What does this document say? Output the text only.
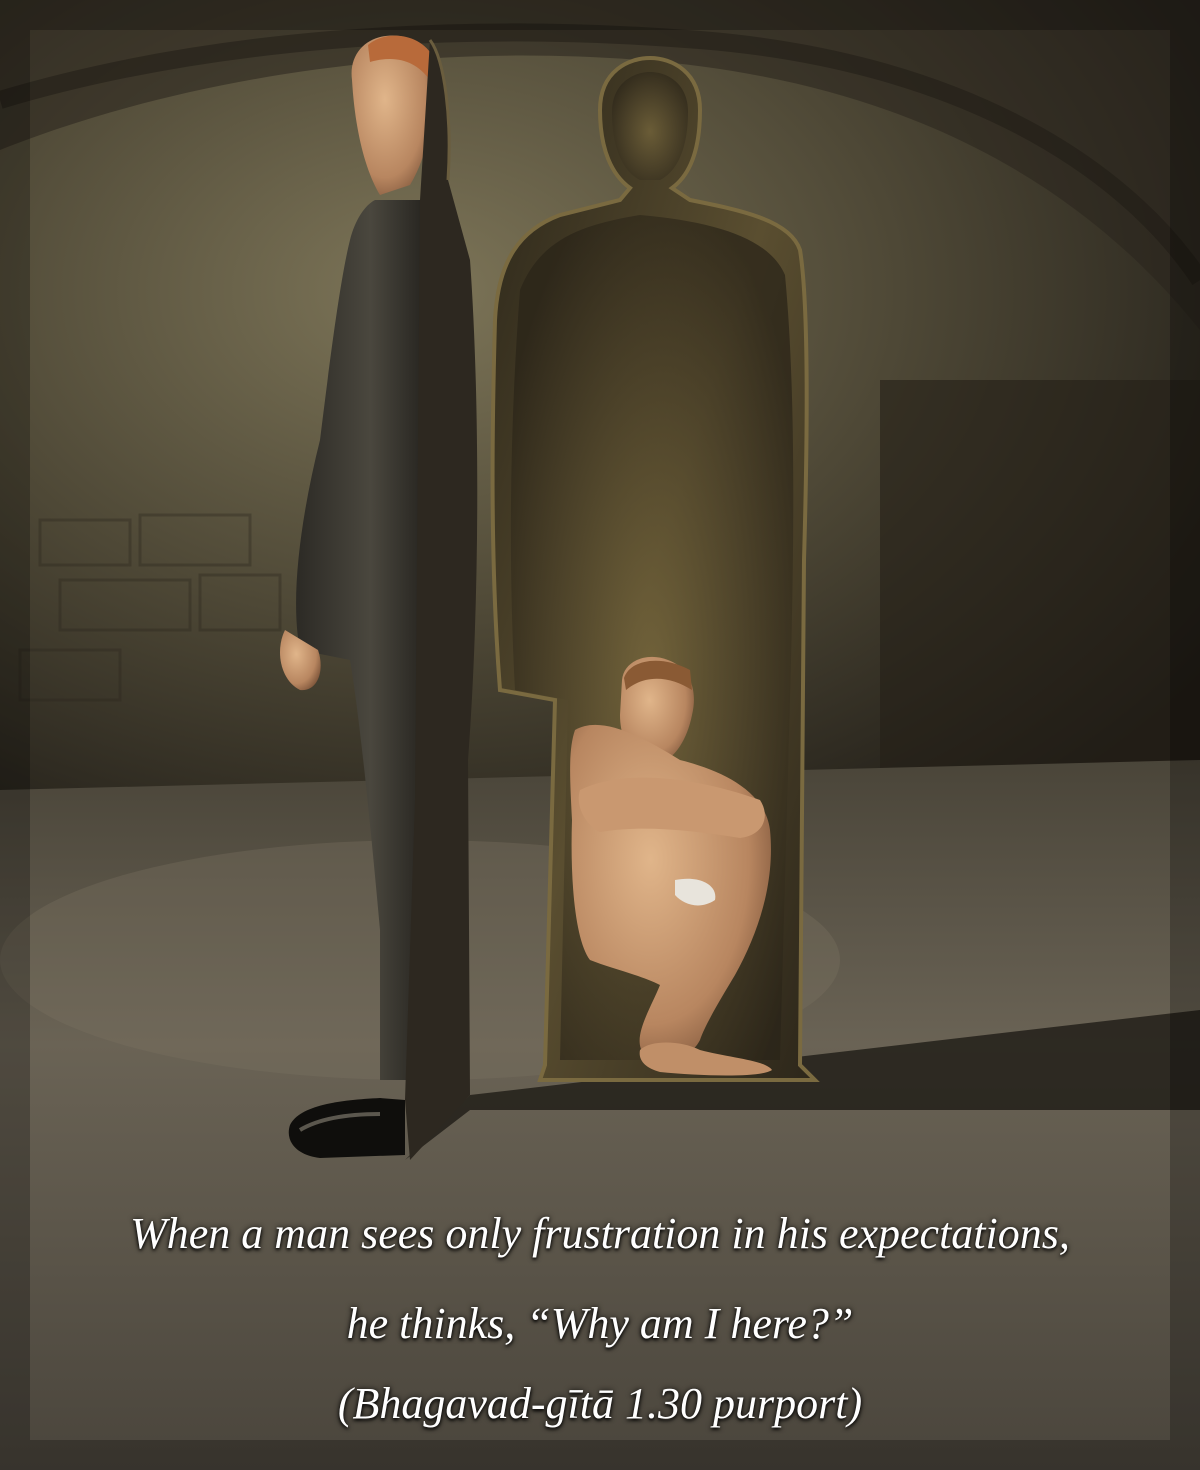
When a man sees only frustration in his expectations,
he thinks, “Why am I here?”
(Bhagavad-gītā 1.30 purport)
